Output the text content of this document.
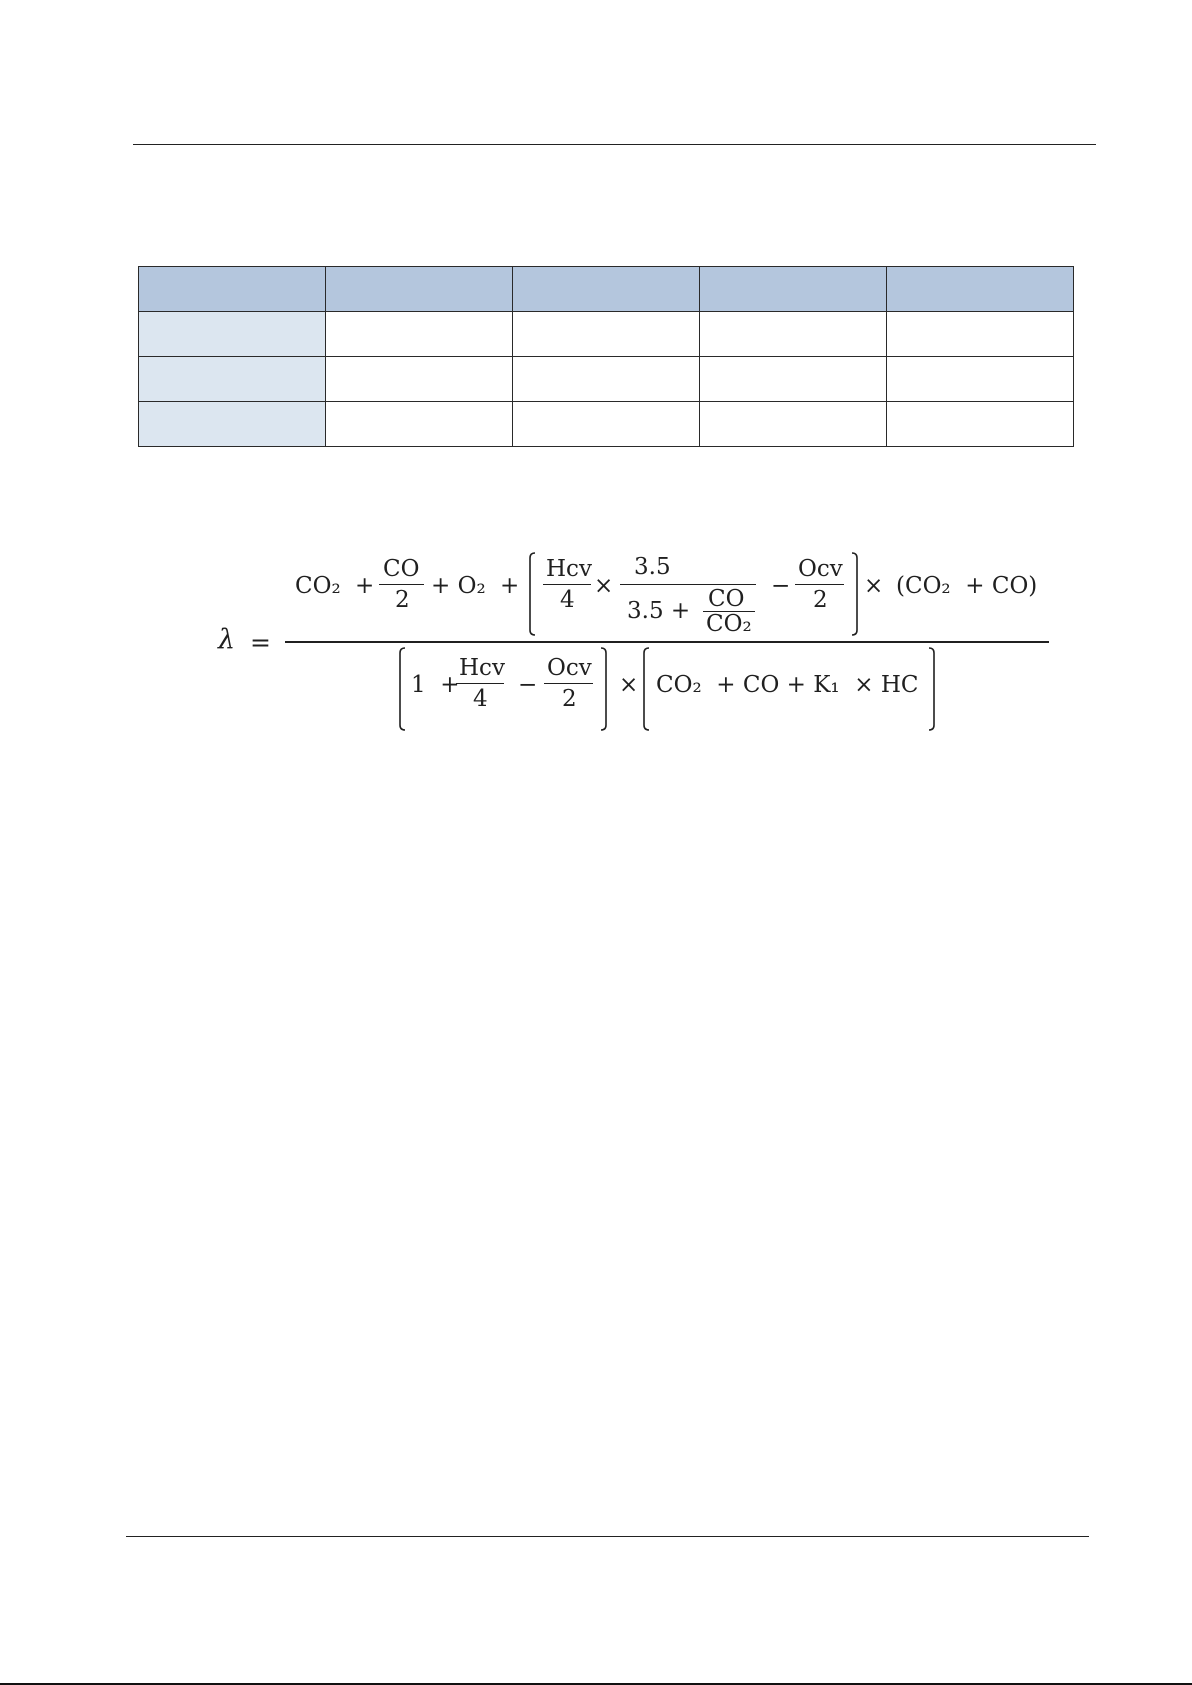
λ =
CO₂ +
CO
2
+ O₂ +
Hcv
4
×
3.5
3.5 + CO
CO₂
−
Ocv
2
× (CO₂  + CO)
1  +
Hcv
4
−
Ocv
2
× CO₂  + CO + K₁  × HC
